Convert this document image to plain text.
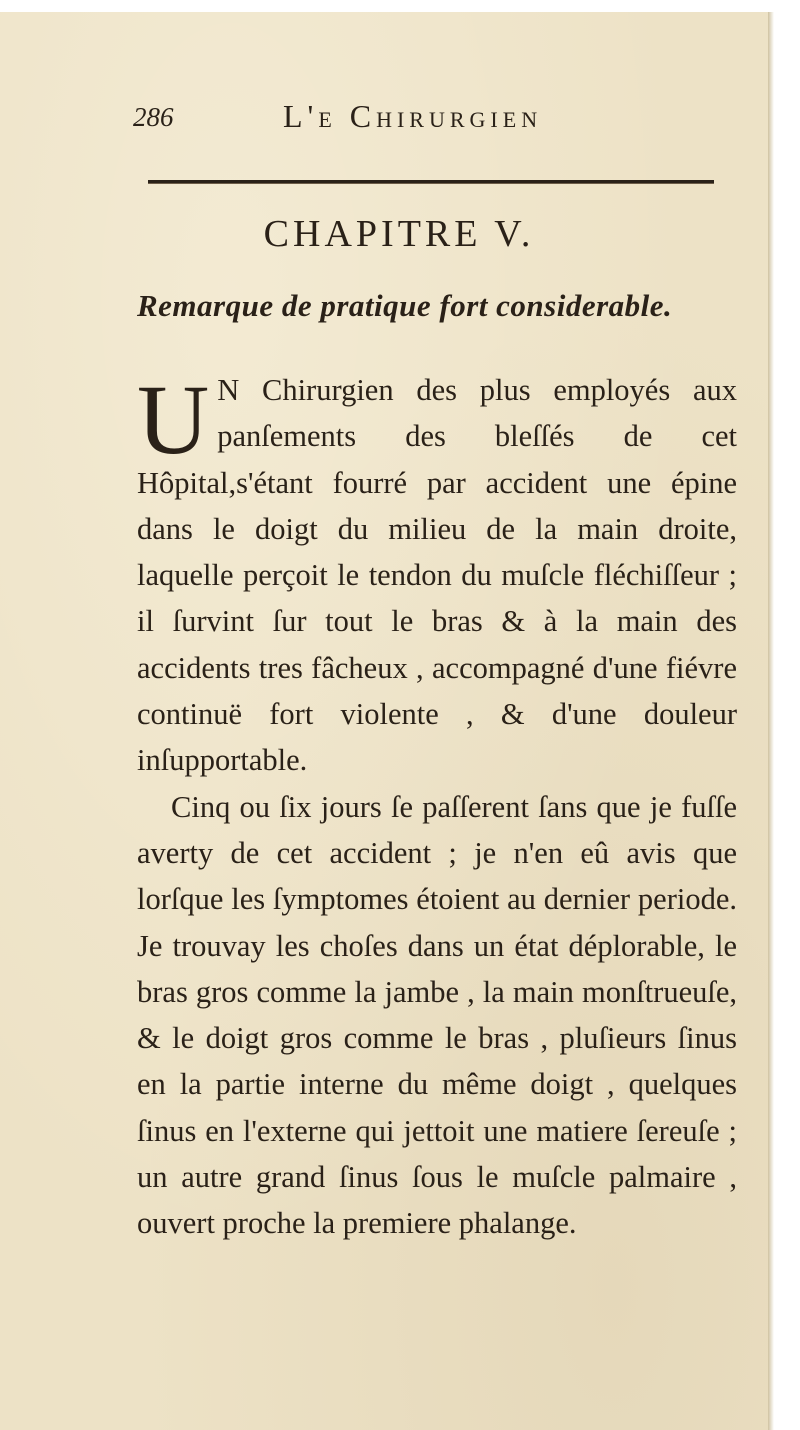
286	L'e Chirurgien
CHAPITRE V.
Remarque de pratique fort considerable.

U N Chirurgien des plus employés aux panſements des bleſſés de cet Hôpital,s'étant fourré par accident une épine dans le doigt du milieu de la main droite, laquelle perçoit le tendon du muſcle fléchiſſeur ; il ſurvint ſur tout le bras & à la main des accidents tres fâcheux , accompagné d'une fiévre continuë fort violente , & d'une douleur inſupportable.

Cinq ou ſix jours ſe paſſerent ſans que je fuſſe averty de cet accident ; je n'en eû avis que lorſque les ſymptomes étoient au dernier periode. Je trouvay les choſes dans un état déplorable, le bras gros comme la jambe , la main monſtrueuſe, & le doigt gros comme le bras , pluſieurs ſinus en la partie interne du même doigt , quelques ſinus en l'externe qui jettoit une matiere ſereuſe ; un autre grand ſinus ſous le muſcle palmaire , ouvert proche la premiere phalange.
